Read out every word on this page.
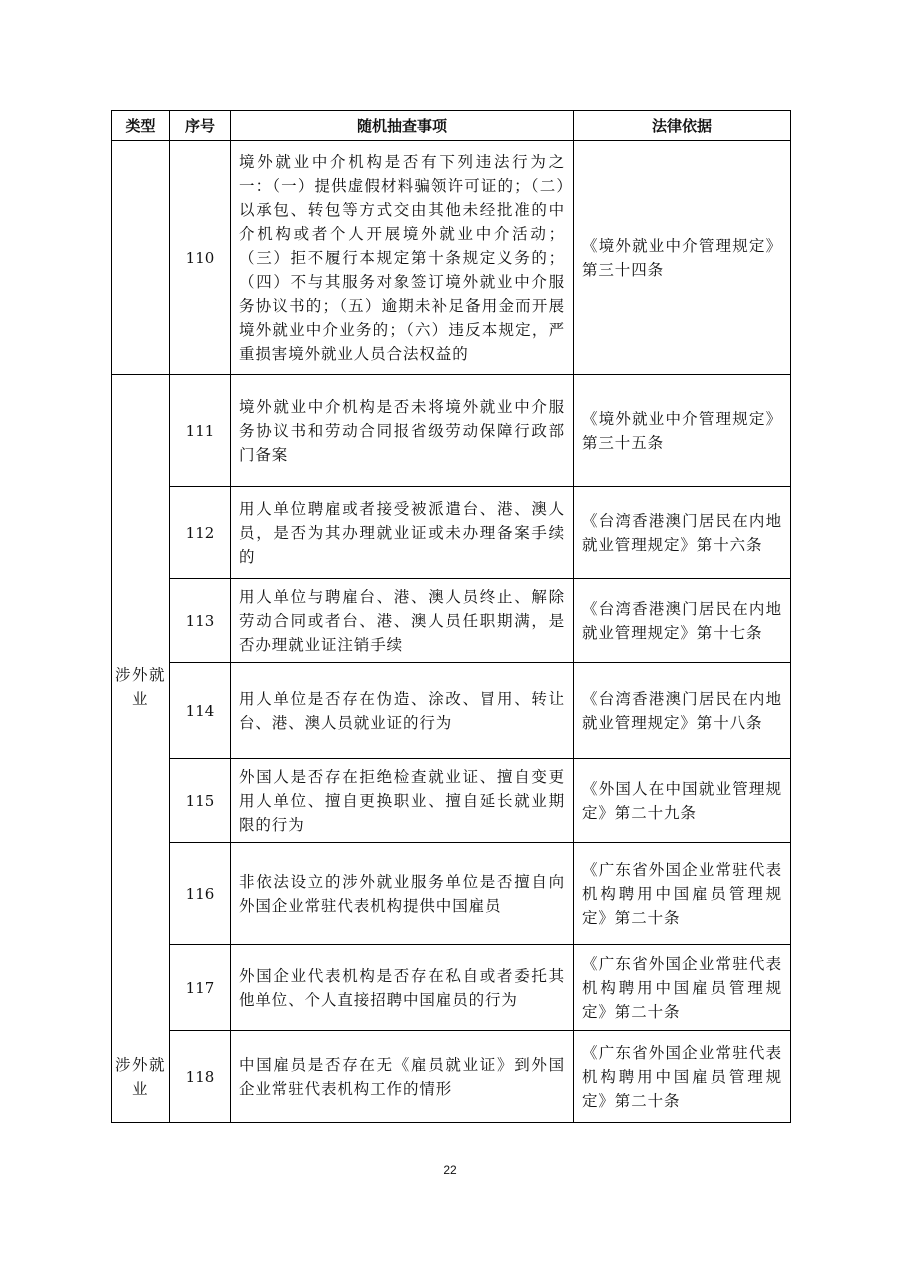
类型	序号	随机抽查事项	法律依据
	110	境外就业中介机构是否有下列违法行为之一：（一）提供虚假材料骗领许可证的；（二）以承包、转包等方式交由其他未经批准的中介机构或者个人开展境外就业中介活动；（三）拒不履行本规定第十条规定义务的；（四）不与其服务对象签订境外就业中介服务协议书的；（五）逾期未补足备用金而开展境外就业中介业务的；（六）违反本规定，严重损害境外就业人员合法权益的	《境外就业中介管理规定》第三十四条

涉外就业
涉外就业	111	境外就业中介机构是否未将境外就业中介服务协议书和劳动合同报省级劳动保障行政部门备案	《境外就业中介管理规定》第三十五条
	112	用人单位聘雇或者接受被派遣台、港、澳人员，是否为其办理就业证或未办理备案手续的	《台湾香港澳门居民在内地就业管理规定》第十六条
	113	用人单位与聘雇台、港、澳人员终止、解除劳动合同或者台、港、澳人员任职期满，是否办理就业证注销手续	《台湾香港澳门居民在内地就业管理规定》第十七条
	114	用人单位是否存在伪造、涂改、冒用、转让台、港、澳人员就业证的行为	《台湾香港澳门居民在内地就业管理规定》第十八条
	115	外国人是否存在拒绝检查就业证、擅自变更用人单位、擅自更换职业、擅自延长就业期限的行为	《外国人在中国就业管理规定》第二十九条
	116	非依法设立的涉外就业服务单位是否擅自向外国企业常驻代表机构提供中国雇员	《广东省外国企业常驻代表机构聘用中国雇员管理规定》第二十条
	117	外国企业代表机构是否存在私自或者委托其他单位、个人直接招聘中国雇员的行为	《广东省外国企业常驻代表机构聘用中国雇员管理规定》第二十条
	118	中国雇员是否存在无《雇员就业证》到外国企业常驻代表机构工作的情形	《广东省外国企业常驻代表机构聘用中国雇员管理规定》第二十条
22
